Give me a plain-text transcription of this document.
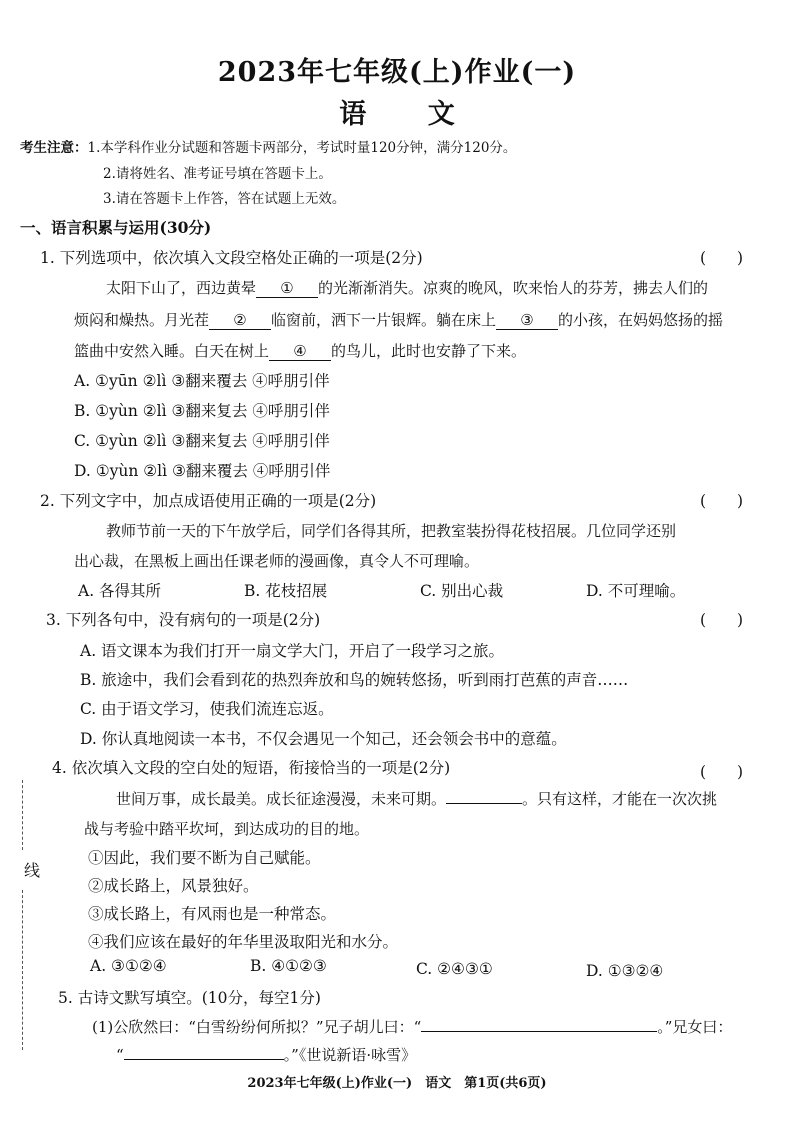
2023年七年级(上)作业(一)
语 文
考生注意：1.本学科作业分试题和答题卡两部分，考试时量120分钟，满分120分。
2.请将姓名、准考证号填在答题卡上。
3.请在答题卡上作答，答在试题上无效。
一、语言积累与运用(30分)
1. 下列选项中，依次填入文段空格处正确的一项是(2分)	(　　)
太阳下山了，西边黄晕 ① 的光渐渐消失。凉爽的晚风，吹来怡人的芬芳，拂去人们的
烦闷和燥热。月光茬 ② 临窗前，洒下一片银辉。躺在床上 ③ 的小孩，在妈妈悠扬的摇
篮曲中安然入睡。白天在树上 ④ 的鸟儿，此时也安静了下来。
A. ①yūn ②lì ③翻来覆去 ④呼朋引伴
B. ①yùn ②lì ③翻来复去 ④呼朋引伴
C. ①yùn ②lì ③翻来复去 ④呼朋引伴
D. ①yùn ②lì ③翻来覆去 ④呼朋引伴
2. 下列文字中，加点成语使用正确的一项是(2分)	(　　)
教师节前一天的下午放学后，同学们各得其所，把教室装扮得花枝招展。几位同学还别
出心裁，在黑板上画出任课老师的漫画像，真令人不可理喻。
A. 各得其所	B. 花枝招展	C. 别出心裁	D. 不可理喻。
3. 下列各句中，没有病句的一项是(2分)	(　　)
A. 语文课本为我们打开一扇文学大门，开启了一段学习之旅。
B. 旅途中，我们会看到花的热烈奔放和鸟的婉转悠扬，听到雨打芭蕉的声音……
C. 由于语文学习，使我们流连忘返。
D. 你认真地阅读一本书，不仅会遇见一个知己，还会领会书中的意蕴。
4. 依次填入文段的空白处的短语，衔接恰当的一项是(2分)	(　　)
世间万事，成长最美。成长征途漫漫，未来可期。	。只有这样，才能在一次次挑
战与考验中踏平坎坷，到达成功的目的地。
①因此，我们要不断为自己赋能。
②成长路上，风景独好。
③成长路上，有风雨也是一种常态。
④我们应该在最好的年华里汲取阳光和水分。
A. ③①②④	B. ④①②③	C. ②④③①	D. ①③②④
5. 古诗文默写填空。(10分，每空1分)
(1)公欣然曰：“白雪纷纷何所拟？”兄子胡儿曰：“	。”兄女曰：
“	。”《世说新语·咏雪》
线
2023年七年级(上)作业(一)　语文　第1页(共6页)
